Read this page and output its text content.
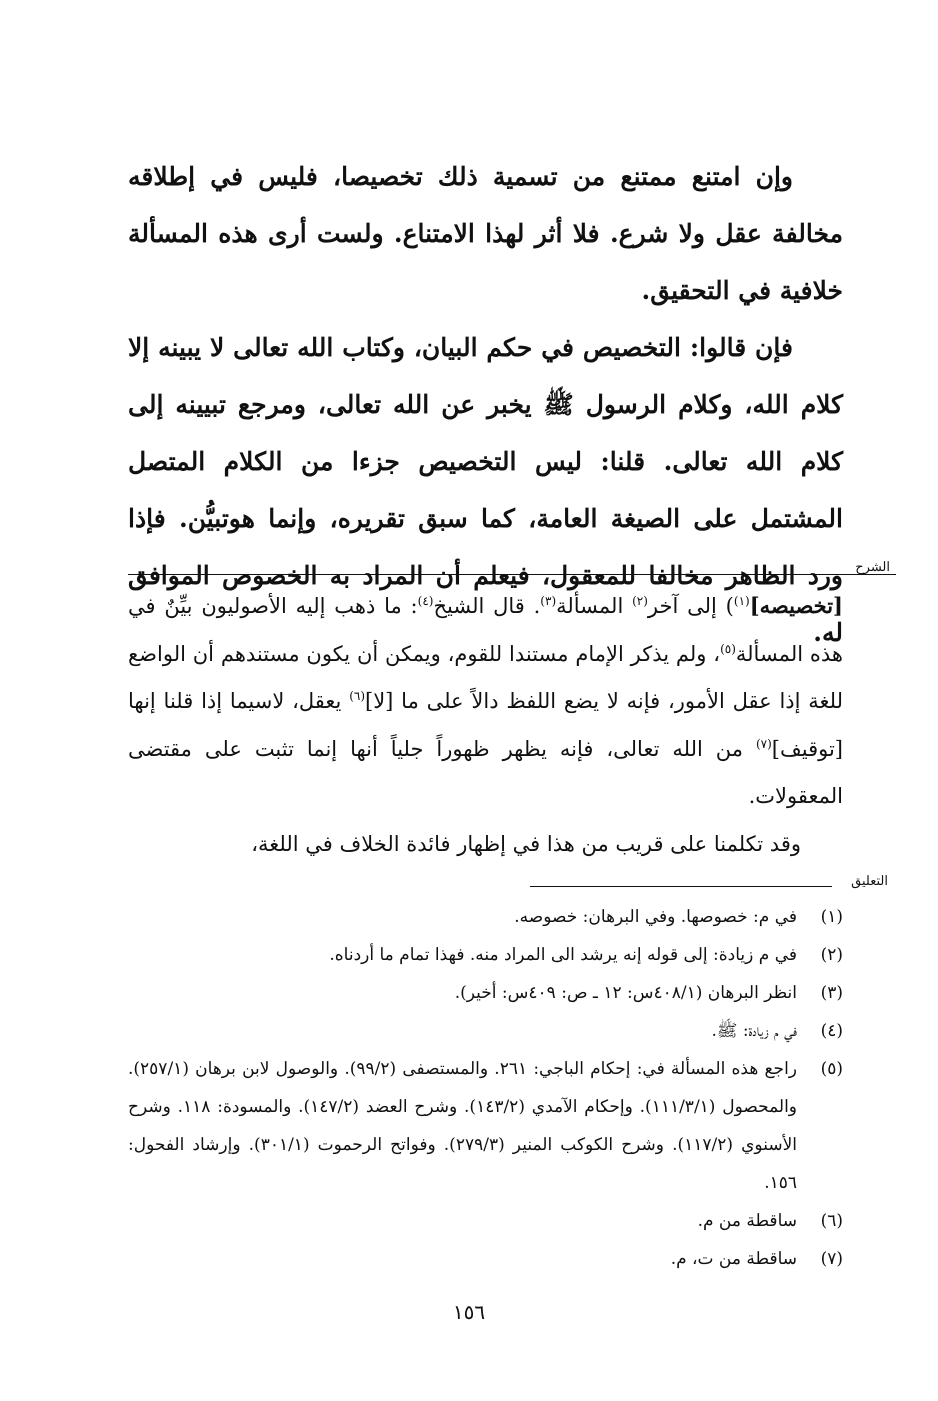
وإن امتنع ممتنع من تسمية ذلك تخصيصا، فليس في إطلاقه مخالفة عقل ولا شرع. فلا أثر لهذا الامتناع. ولست أرى هذه المسألة خلافية في التحقيق.

فإن قالوا: التخصيص في حكم البيان، وكتاب الله تعالى لا يبينه إلا كلام الله، وكلام الرسول ﷺ يخبر عن الله تعالى، ومرجع تبيينه إلى كلام الله تعالى. قلنا: ليس التخصيص جزءا من الكلام المتصل المشتمل على الصيغة العامة، كما سبق تقريره، وإنما هوتبيُّن. فإذا ورد الظاهر مخالفا للمعقول، فيعلم أن المراد به الخصوص الموافق له.

الشرح

[تخصيصه]$^{(١)}$) إلى آخر$^{(٢)}$ المسألة$^{(٣)}$. قال الشيخ$^{(٤)}$: ما ذهب إليه الأصوليون بيِّنٌ في هذه المسألة$^{(٥)}$، ولم يذكر الإمام مستندا للقوم، ويمكن أن يكون مستندهم أن الواضع للغة إذا عقل الأمور، فإنه لا يضع اللفظ دالاً على ما [لا]$^{(٦)}$ يعقل، لاسيما إذا قلنا إنها [توقيف]$^{(٧)}$ من الله تعالى، فإنه يظهر ظهوراً جلياً أنها إنما تثبت على مقتضى المعقولات.

وقد تكلمنا على قريب من هذا في إظهار فائدة الخلاف في اللغة،

التعليق
(١)
في م: خصوصها. وفي البرهان: خصوصه.
(٢)
في م زيادة: إلى قوله إنه يرشد الى المراد منه. فهذا تمام ما أردناه.
(٣)
انظر البرهان (٤٠٨/١س: ١٢ ـ ص: ٤٠٩س: أخير).
(٤)
في م زيادة: ﷺ.
(٥)
راجع هذه المسألة في: إحكام الباجي: ٢٦١. والمستصفى (٩٩/٢). والوصول لابن برهان (٢٥٧/١). والمحصول (١١١/٣/١). وإحكام الآمدي (١٤٣/٢). وشرح العضد (١٤٧/٢). والمسودة: ١١٨. وشرح الأسنوي (١١٧/٢). وشرح الكوكب المنير (٢٧٩/٣). وفواتح الرحموت (٣٠١/١). وإرشاد الفحول: ١٥٦.
(٦)
ساقطة من م.
(٧)
ساقطة من ت، م.
١٥٦
